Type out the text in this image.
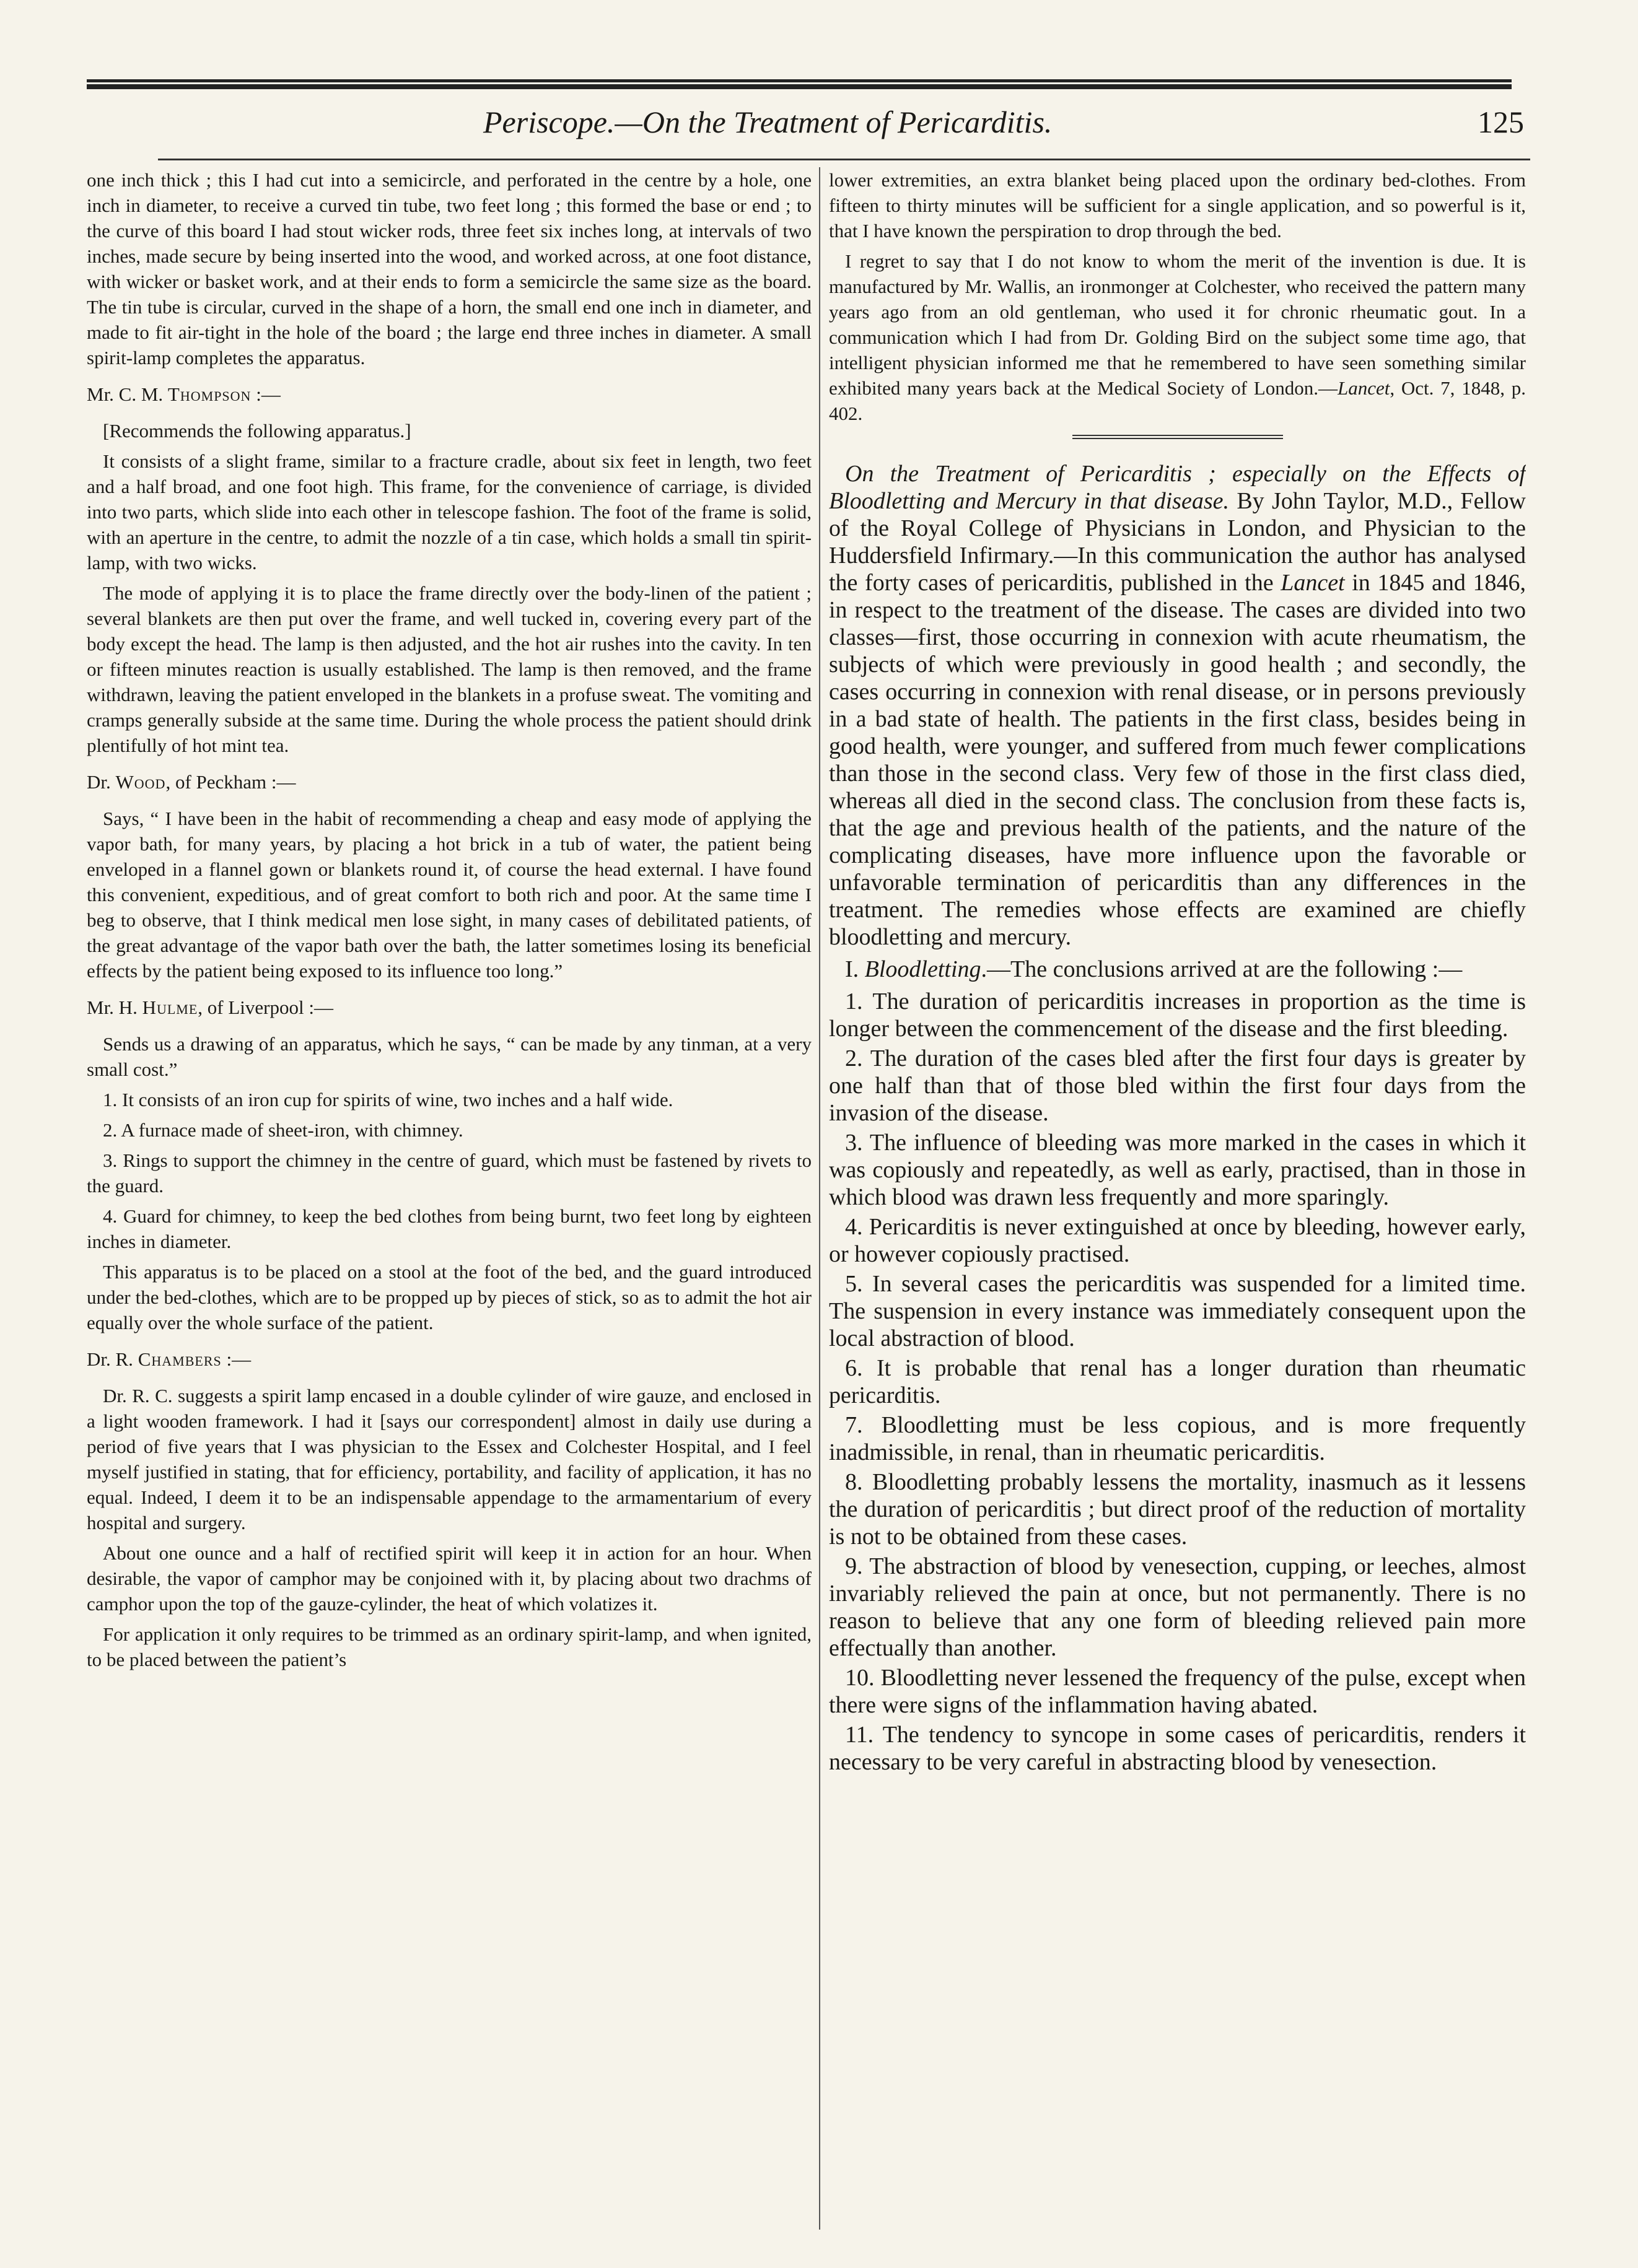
Periscope.—On the Treatment of Pericarditis.	125

one inch thick ; this I had cut into a semicircle, and perforated in the centre by a hole, one inch in diameter, to receive a curved tin tube, two feet long ; this formed the base or end ; to the curve of this board I had stout wicker rods, three feet six inches long, at intervals of two inches, made secure by being inserted into the wood, and worked across, at one foot distance, with wicker or basket work, and at their ends to form a semicircle the same size as the board. The tin tube is circular, curved in the shape of a horn, the small end one inch in diameter, and made to fit air-tight in the hole of the board ; the large end three inches in diameter. A small spirit-lamp completes the apparatus.

Mr. C. M. Thompson :—

[Recommends the following apparatus.]

It consists of a slight frame, similar to a fracture cradle, about six feet in length, two feet and a half broad, and one foot high. This frame, for the convenience of carriage, is divided into two parts, which slide into each other in telescope fashion. The foot of the frame is solid, with an aperture in the centre, to admit the nozzle of a tin case, which holds a small tin spirit-lamp, with two wicks.

The mode of applying it is to place the frame directly over the body-linen of the patient ; several blankets are then put over the frame, and well tucked in, covering every part of the body except the head. The lamp is then adjusted, and the hot air rushes into the cavity. In ten or fifteen minutes reaction is usually established. The lamp is then removed, and the frame withdrawn, leaving the patient enveloped in the blankets in a profuse sweat. The vomiting and cramps generally subside at the same time. During the whole process the patient should drink plentifully of hot mint tea.

Dr. Wood, of Peckham :—

Says, “ I have been in the habit of recommending a cheap and easy mode of applying the vapor bath, for many years, by placing a hot brick in a tub of water, the patient being enveloped in a flannel gown or blankets round it, of course the head external. I have found this convenient, expeditious, and of great comfort to both rich and poor. At the same time I beg to observe, that I think medical men lose sight, in many cases of debilitated patients, of the great advantage of the vapor bath over the bath, the latter sometimes losing its beneficial effects by the patient being exposed to its influence too long.”

Mr. H. Hulme, of Liverpool :—

Sends us a drawing of an apparatus, which he says, “ can be made by any tinman, at a very small cost.”

1. It consists of an iron cup for spirits of wine, two inches and a half wide.

2. A furnace made of sheet-iron, with chimney.

3. Rings to support the chimney in the centre of guard, which must be fastened by rivets to the guard.

4. Guard for chimney, to keep the bed clothes from being burnt, two feet long by eighteen inches in diameter.

This apparatus is to be placed on a stool at the foot of the bed, and the guard introduced under the bed-clothes, which are to be propped up by pieces of stick, so as to admit the hot air equally over the whole surface of the patient.

Dr. R. Chambers :—

Dr. R. C. suggests a spirit lamp encased in a double cylinder of wire gauze, and enclosed in a light wooden framework. I had it [says our correspondent] almost in daily use during a period of five years that I was physician to the Essex and Colchester Hospital, and I feel myself justified in stating, that for efficiency, portability, and facility of application, it has no equal. Indeed, I deem it to be an indispensable appendage to the armamentarium of every hospital and surgery.

About one ounce and a half of rectified spirit will keep it in action for an hour. When desirable, the vapor of camphor may be conjoined with it, by placing about two drachms of camphor upon the top of the gauze-cylinder, the heat of which volatizes it.

For application it only requires to be trimmed as an ordinary spirit-lamp, and when ignited, to be placed between the patient’s

lower extremities, an extra blanket being placed upon the ordinary bed-clothes. From fifteen to thirty minutes will be sufficient for a single application, and so powerful is it, that I have known the perspiration to drop through the bed.

I regret to say that I do not know to whom the merit of the invention is due. It is manufactured by Mr. Wallis, an ironmonger at Colchester, who received the pattern many years ago from an old gentleman, who used it for chronic rheumatic gout. In a communication which I had from Dr. Golding Bird on the subject some time ago, that intelligent physician informed me that he remembered to have seen something similar exhibited many years back at the Medical Society of London.—Lancet, Oct. 7, 1848, p. 402.

On the Treatment of Pericarditis ; especially on the Effects of Bloodletting and Mercury in that disease. By John Taylor, M.D., Fellow of the Royal College of Physicians in London, and Physician to the Huddersfield Infirmary.—In this communication the author has analysed the forty cases of pericarditis, published in the Lancet in 1845 and 1846, in respect to the treatment of the disease. The cases are divided into two classes—first, those occurring in connexion with acute rheumatism, the subjects of which were previously in good health ; and secondly, the cases occurring in connexion with renal disease, or in persons previously in a bad state of health. The patients in the first class, besides being in good health, were younger, and suffered from much fewer complications than those in the second class. Very few of those in the first class died, whereas all died in the second class. The conclusion from these facts is, that the age and previous health of the patients, and the nature of the complicating diseases, have more influence upon the favorable or unfavorable termination of pericarditis than any differences in the treatment. The remedies whose effects are examined are chiefly bloodletting and mercury.

I. Bloodletting.—The conclusions arrived at are the following :—

1. The duration of pericarditis increases in proportion as the time is longer between the commencement of the disease and the first bleeding.

2. The duration of the cases bled after the first four days is greater by one half than that of those bled within the first four days from the invasion of the disease.

3. The influence of bleeding was more marked in the cases in which it was copiously and repeatedly, as well as early, practised, than in those in which blood was drawn less frequently and more sparingly.

4. Pericarditis is never extinguished at once by bleeding, however early, or however copiously practised.

5. In several cases the pericarditis was suspended for a limited time. The suspension in every instance was immediately consequent upon the local abstraction of blood.

6. It is probable that renal has a longer duration than rheumatic pericarditis.

7. Bloodletting must be less copious, and is more frequently inadmissible, in renal, than in rheumatic pericarditis.

8. Bloodletting probably lessens the mortality, inasmuch as it lessens the duration of pericarditis ; but direct proof of the reduction of mortality is not to be obtained from these cases.

9. The abstraction of blood by venesection, cupping, or leeches, almost invariably relieved the pain at once, but not permanently. There is no reason to believe that any one form of bleeding relieved pain more effectually than another.

10. Bloodletting never lessened the frequency of the pulse, except when there were signs of the inflammation having abated.

11. The tendency to syncope in some cases of pericarditis, renders it necessary to be very careful in abstracting blood by venesection.
